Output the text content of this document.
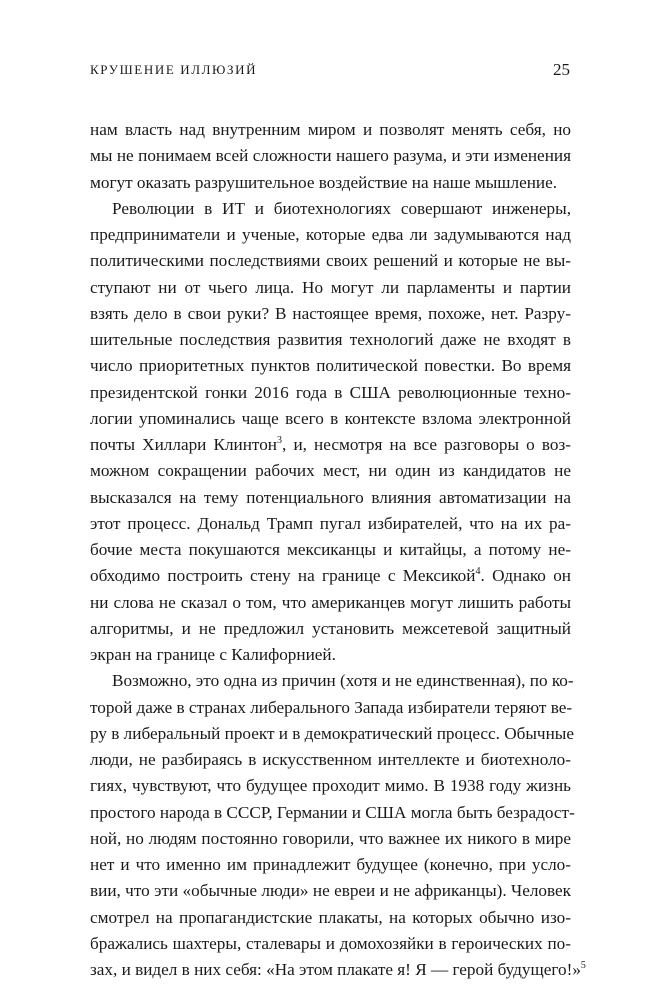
КРУШЕНИЕ ИЛЛЮЗИЙ	25
нам власть над внутренним миром и позволят менять себя, но
мы не понимаем всей сложности нашего разума, и эти изменения
могут оказать разрушительное воздействие на наше мышление.
Революции в ИТ и биотехнологиях совершают инженеры,
предприниматели и ученые, которые едва ли задумываются над
политическими последствиями своих решений и которые не вы-
ступают ни от чьего лица. Но могут ли парламенты и партии
взять дело в свои руки? В настоящее время, похоже, нет. Разру-
шительные последствия развития технологий даже не входят в
число приоритетных пунктов политической повестки. Во время
президентской гонки 2016 года в США революционные техно-
логии упоминались чаще всего в контексте взлома электронной
почты Хиллари Клинтон$^3$, и, несмотря на все разговоры о воз-
можном сокращении рабочих мест, ни один из кандидатов не
высказался на тему потенциального влияния автоматизации на
этот процесс. Дональд Трамп пугал избирателей, что на их ра-
бочие места покушаются мексиканцы и китайцы, а потому не-
обходимо построить стену на границе с Мексикой$^4$. Однако он
ни слова не сказал о том, что американцев могут лишить работы
алгоритмы, и не предложил установить межсетевой защитный
экран на границе с Калифорнией.
Возможно, это одна из причин (хотя и не единственная), по ко-
торой даже в странах либерального Запада избиратели теряют ве-
ру в либеральный проект и в демократический процесс. Обычные
люди, не разбираясь в искусственном интеллекте и биотехноло-
гиях, чувствуют, что будущее проходит мимо. В 1938 году жизнь
простого народа в СССР, Германии и США могла быть безрадост-
ной, но людям постоянно говорили, что важнее их никого в мире
нет и что именно им принадлежит будущее (конечно, при усло-
вии, что эти «обычные люди» не евреи и не африканцы). Человек
смотрел на пропагандистские плакаты, на которых обычно изо-
бражались шахтеры, сталевары и домохозяйки в героических по-
зах, и видел в них себя: «На этом плакате я! Я — герой будущего!»$^5$
